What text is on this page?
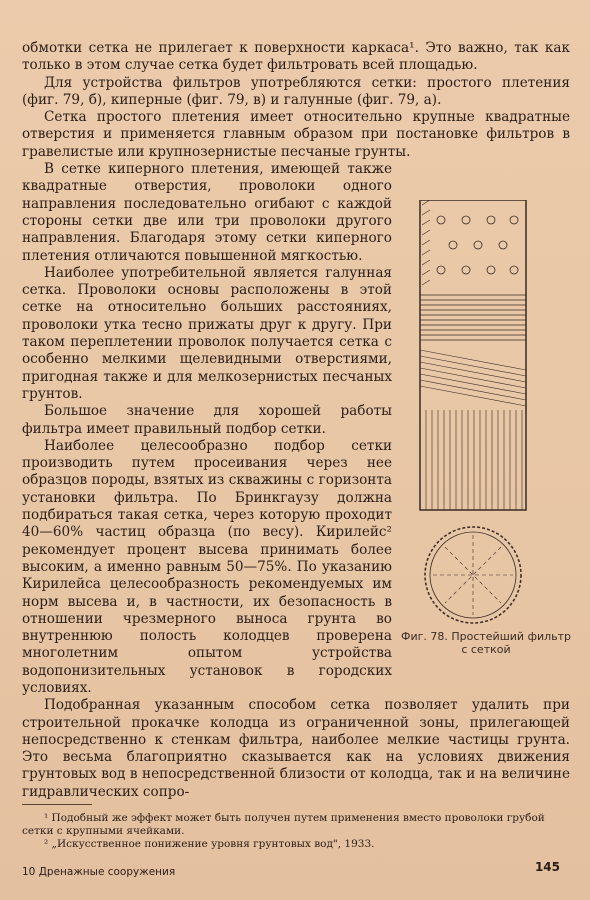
обмотки сетка не прилегает к поверхности каркаса¹. Это важно, так как только в этом случае сетка будет фильтровать всей площадью.

Для устройства фильтров употребляются сетки: простого плетения (фиг. 79, б), киперные (фиг. 79, в) и галунные (фиг. 79, а).

Сетка простого плетения имеет относительно крупные квадратные отверстия и применяется главным образом при постановке фильтров в гравелистые или крупнозернистые песчаные грунты.

В сетке киперного плетения, имеющей также квадратные отверстия, проволоки одного направления последовательно огибают с каждой стороны сетки две или три проволоки другого направления. Благодаря этому сетки киперного плетения отличаются повышенной мягкостью.

Наиболее употребительной является галунная сетка. Проволоки основы расположены в этой сетке на относительно больших расстояниях, проволоки утка тесно прижаты друг к другу. При таком переплетении проволок получается сетка с особенно мелкими щелевидными отверстиями, пригодная также и для мелкозернистых песчаных грунтов.

Большое значение для хорошей работы фильтра имеет правильный подбор сетки.

Наиболее целесообразно подбор сетки производить путем просеивания через нее образцов породы, взятых из скважины с горизонта установки фильтра. По Бринкгаузу должна подбираться такая сетка, через которую проходит 40—60% частиц образца (по весу). Кирилейс² рекомендует процент высева принимать более высоким, а именно равным 50—75%. По указанию Кирилейса целесообразность рекомендуемых им норм высева и, в частности, их безопасность в отношении чрезмерного выноса грунта во внутреннюю полость колодцев проверена многолетним опытом устройства водопонизительных установок в городских условиях.

Подобранная указанным способом сетка позволяет удалить при строительной прокачке колодца из ограниченной зоны, прилегающей непосредственно к стенкам фильтра, наиболее мелкие частицы грунта. Это весьма благоприятно сказывается как на условиях движения грунтовых вод в непосредственной близости от колодца, так и на величине гидравлических сопро-

Фиг. 78. Простейший фильтр с сеткой
¹ Подобный же эффект может быть получен путем применения вместо проволоки грубой сетки с крупными ячейками.
² „Искусственное понижение уровня грунтовых вод", 1933.
10 Дренажные сооружения	145
